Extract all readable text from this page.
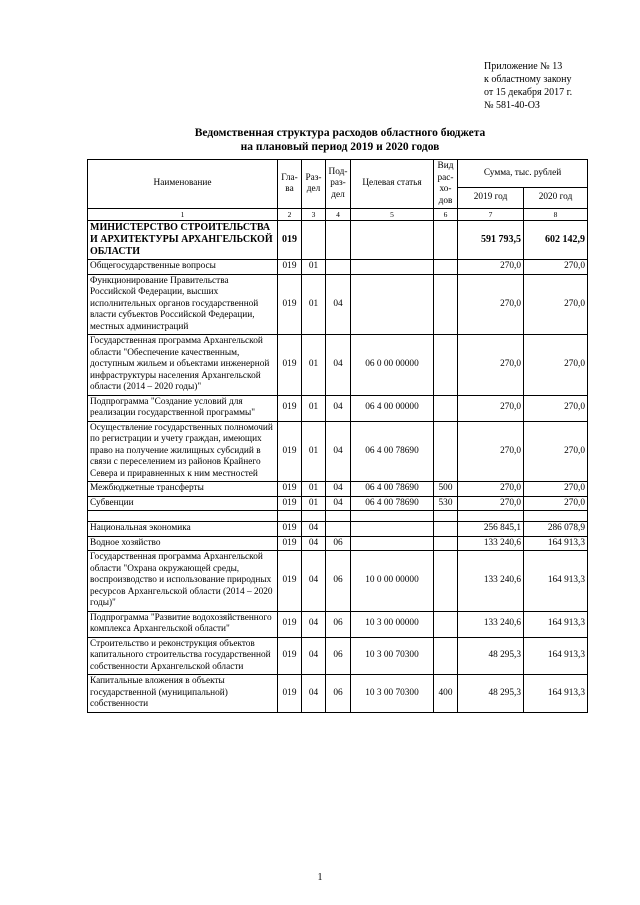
Приложение № 13
к областному закону
от 15 декабря 2017 г.
№ 581-40-ОЗ
Ведомственная структура расходов областного бюджета
на плановый период 2019 и 2020 годов
Наименование	Гла- ва	Раз- дел	Под- раз- дел	Целевая статья	Вид рас- хо- дов	Сумма, тыс. рублей	
						2019 год	2020 год
1	2	3	4	5	6	7	8
МИНИСТЕРСТВО СТРОИТЕЛЬСТВА И АРХИТЕКТУРЫ АРХАНГЕЛЬСКОЙ ОБЛАСТИ	019					591 793,5	602 142,9
Общегосударственные вопросы	019	01				270,0	270,0
Функционирование Правительства Российской Федерации, высших исполнительных органов государственной власти субъектов Российской Федерации, местных администраций	019	01	04			270,0	270,0
Государственная программа Архангельской области "Обеспечение качественным, доступным жильем и объектами инженерной инфраструктуры населения Архангельской области (2014 – 2020 годы)"	019	01	04	06 0 00 00000		270,0	270,0
Подпрограмма "Создание условий для реализации государственной программы"	019	01	04	06 4 00 00000		270,0	270,0
Осуществление государственных полномочий по регистрации и учету граждан, имеющих право на получение жилищных субсидий в связи с переселением из районов Крайнего Севера и приравненных к ним местностей	019	01	04	06 4 00 78690		270,0	270,0
Межбюджетные трансферты	019	01	04	06 4 00 78690	500	270,0	270,0
Субвенции	019	01	04	06 4 00 78690	530	270,0	270,0

Национальная экономика	019	04				256 845,1	286 078,9
Водное хозяйство	019	04	06			133 240,6	164 913,3
Государственная программа Архангельской области "Охрана окружающей среды, воспроизводство и использование природных ресурсов Архангельской области (2014 – 2020 годы)"	019	04	06	10 0 00 00000		133 240,6	164 913,3
Подпрограмма "Развитие водохозяйственного комплекса Архангельской области"	019	04	06	10 3 00 00000		133 240,6	164 913,3
Строительство и реконструкция объектов капитального строительства государственной собственности Архангельской области	019	04	06	10 3 00 70300		48 295,3	164 913,3
Капитальные вложения в объекты государственной (муниципальной) собственности	019	04	06	10 3 00 70300	400	48 295,3	164 913,3
1
